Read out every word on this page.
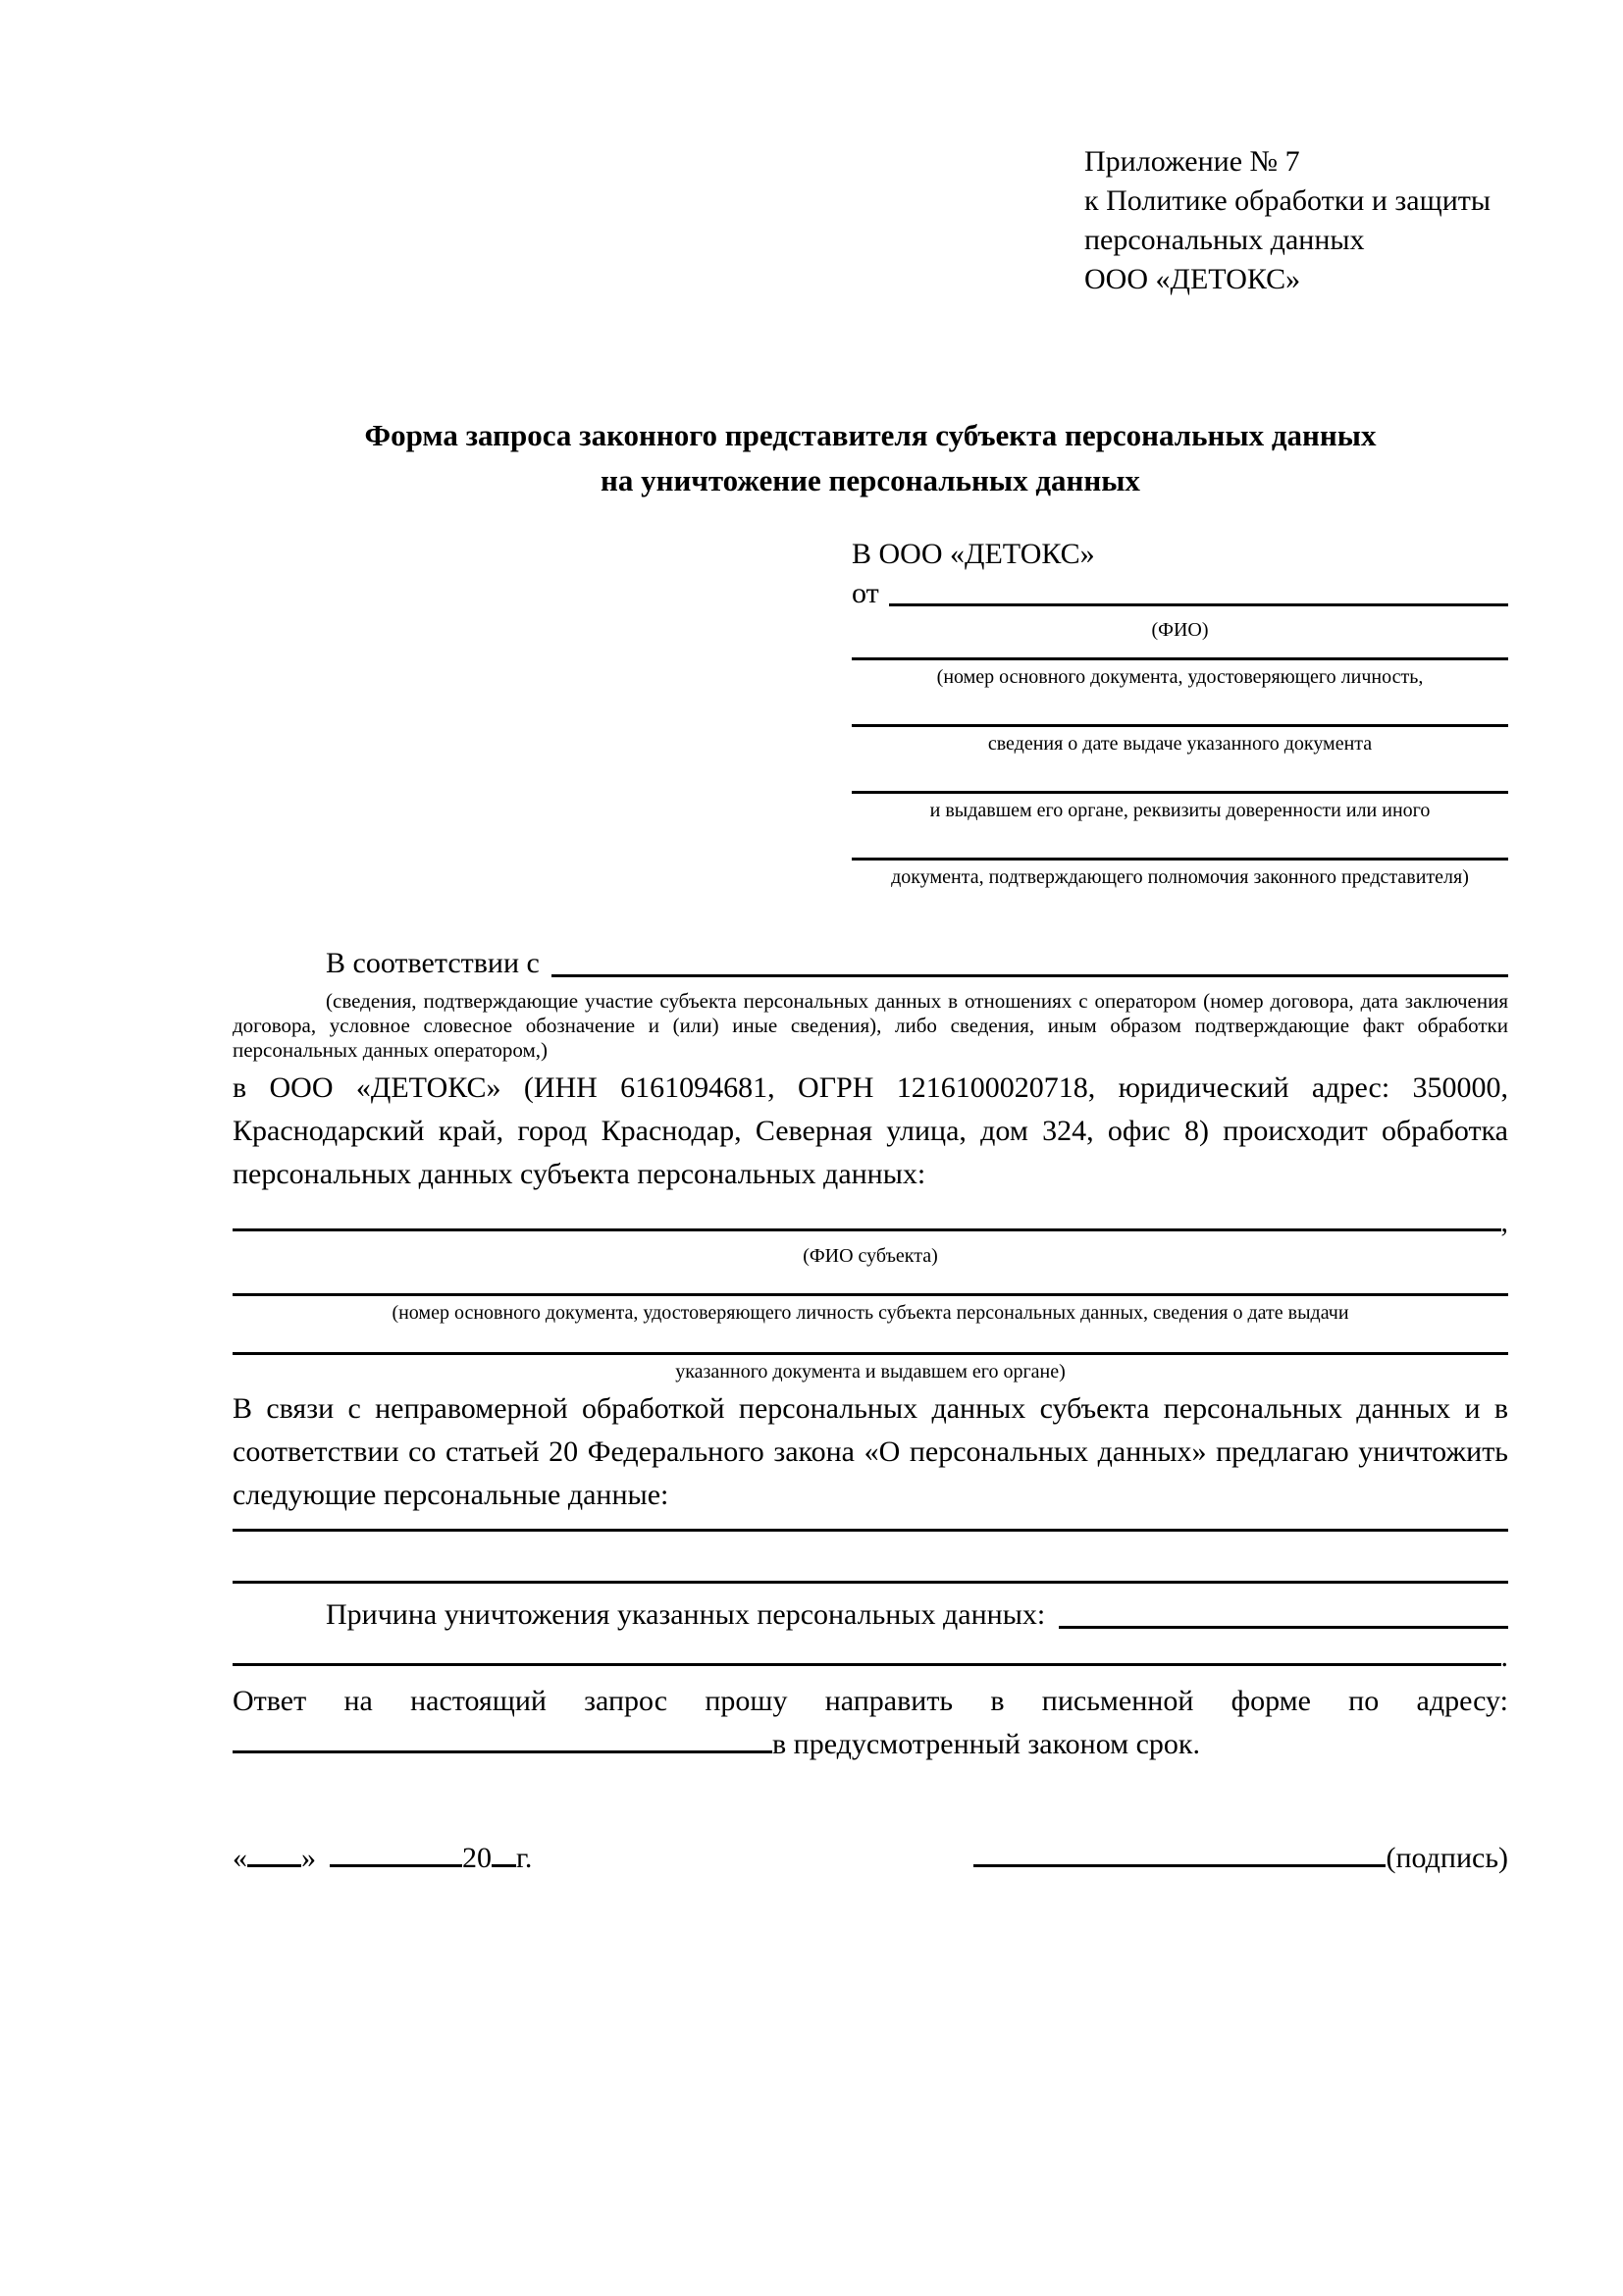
Приложение № 7
к Политике обработки и защиты
персональных данных
ООО «ДЕТОКС»
Форма запроса законного представителя субъекта персональных данных
на уничтожение персональных данных
В ООО «ДЕТОКС»
от
(ФИО)
(номер основного документа, удостоверяющего личность,
сведения о дате выдаче указанного документа
и выдавшем его органе, реквизиты доверенности или иного
документа, подтверждающего полномочия законного представителя)
В соответствии с
(сведения, подтверждающие участие субъекта персональных данных в отношениях с оператором (номер договора, дата заключения договора, условное словесное обозначение и (или) иные сведения), либо сведения, иным образом подтверждающие факт обработки персональных данных оператором,)

в ООО «ДЕТОКС» (ИНН 6161094681, ОГРН 1216100020718, юридический адрес: 350000, Краснодарский край, город Краснодар, Северная улица, дом 324, офис 8) происходит обработка персональных данных субъекта персональных данных:

,
(ФИО субъекта)
(номер основного документа, удостоверяющего личность субъекта персональных данных, сведения о дате выдачи
указанного документа и выдавшем его органе)

В связи с неправомерной обработкой персональных данных субъекта персональных данных и в соответствии со статьей 20 Федерального закона «О персональных данных» предлагаю уничтожить следующие персональные данные:

Причина уничтожения указанных персональных данных:
.

Ответ на настоящий запрос прошу направить в письменной форме по адресу:

в предусмотренный законом срок.
« »	20 г.	(подпись)
